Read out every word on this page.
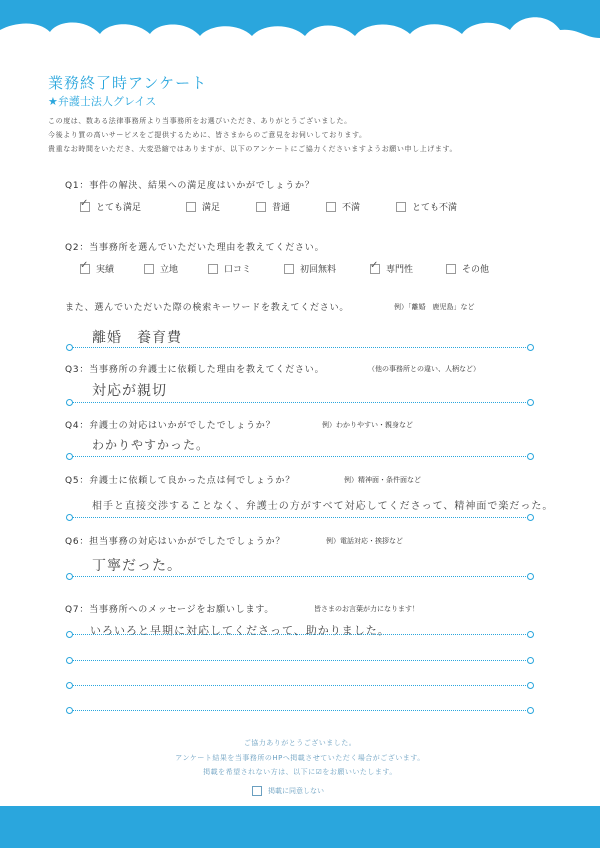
業務終了時アンケート
★弁護士法人グレイス
この度は、数ある法律事務所より当事務所をお選びいただき、ありがとうございました。
今後より質の高いサービスをご提供するために、皆さまからのご意見をお伺いしております。
貴重なお時間をいただき、大変恐縮ではありますが、以下のアンケートにご協力くださいますようお願い申し上げます。
Q1：事件の解決、結果への満足度はいかがでしょうか？
✓
とても満足	満足	普通	不満	とても不満
Q2：当事務所を選んでいただいた理由を教えてください。
✓
実績	立地	口コミ	初回無料
✓	専門性	その他
また、選んでいただいた際の検索キーワードを教えてください。	例）「離婚　鹿児島」など
離婚　養育費
Q3：当事務所の弁護士に依頼した理由を教えてください。	（他の事務所との違い、人柄など）
対応が親切
Q4：弁護士の対応はいかがでしたでしょうか？	例）わかりやすい・親身など
わかりやすかった。
Q5：弁護士に依頼して良かった点は何でしょうか？	例）精神面・条件面など
相手と直接交渉することなく、弁護士の方がすべて対応してくださって、精神面で楽だった。
Q6：担当事務の対応はいかがでしたでしょうか？	例）電話対応・挨拶など
丁寧だった。
Q7：当事務所へのメッセージをお願いします。	皆さまのお言葉が力になります！
いろいろと早期に対応してくださって、助かりました。
ご協力ありがとうございました。
アンケート結果を当事務所のHPへ掲載させていただく場合がございます。
掲載を希望されない方は、以下に☑をお願いいたします。
掲載に同意しない
